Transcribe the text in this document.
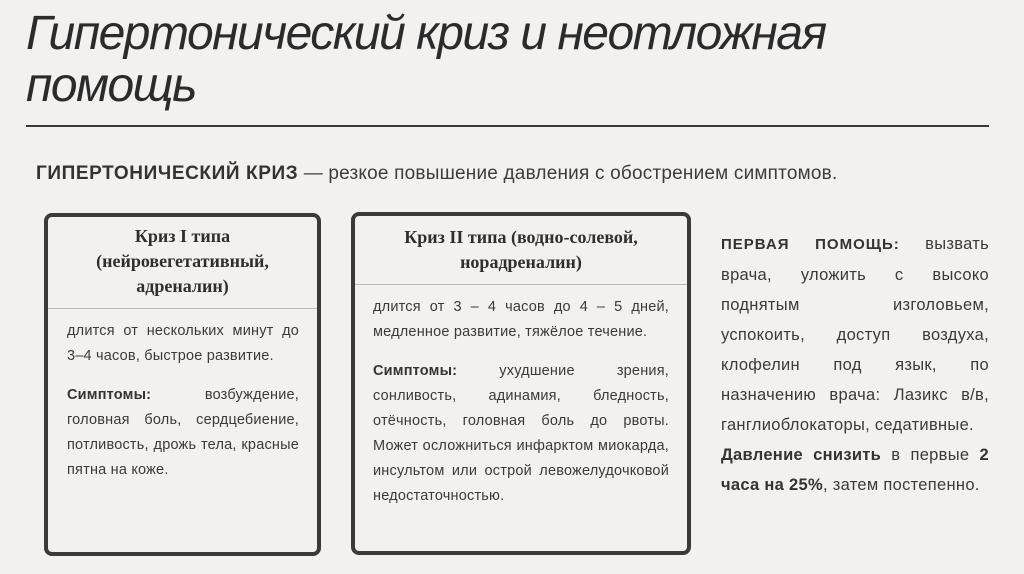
Гипертонический криз и неотложная помощь
ГИПЕРТОНИЧЕСКИЙ КРИЗ — резкое повышение давления с обострением симптомов.

Криз I типа (нейровегетативный, адреналин)

длится от нескольких минут до 3–4 часов, быстрое развитие.
Симптомы: возбуждение, головная боль, сердцебиение, потливость, дрожь тела, красные пятна на коже.

Криз II типа (водно-солевой, норадреналин)

длится от 3 – 4 часов до 4 – 5 дней, медленное развитие, тяжёлое течение.
Симптомы: ухудшение зрения, сонливость, адинамия, бледность, отёчность, головная боль до рвоты. Может осложниться инфарктом миокарда, инсультом или острой левожелудочковой недостаточностью.
ПЕРВАЯ ПОМОЩЬ: вызвать врача, уложить с высоко поднятым изголовьем, успокоить, доступ воздуха, клофелин под язык, по назначению врача: Лазикс в/в, ганглиоблокаторы, седативные.
Давление снизить в первые 2 часа на 25%, затем постепенно.
